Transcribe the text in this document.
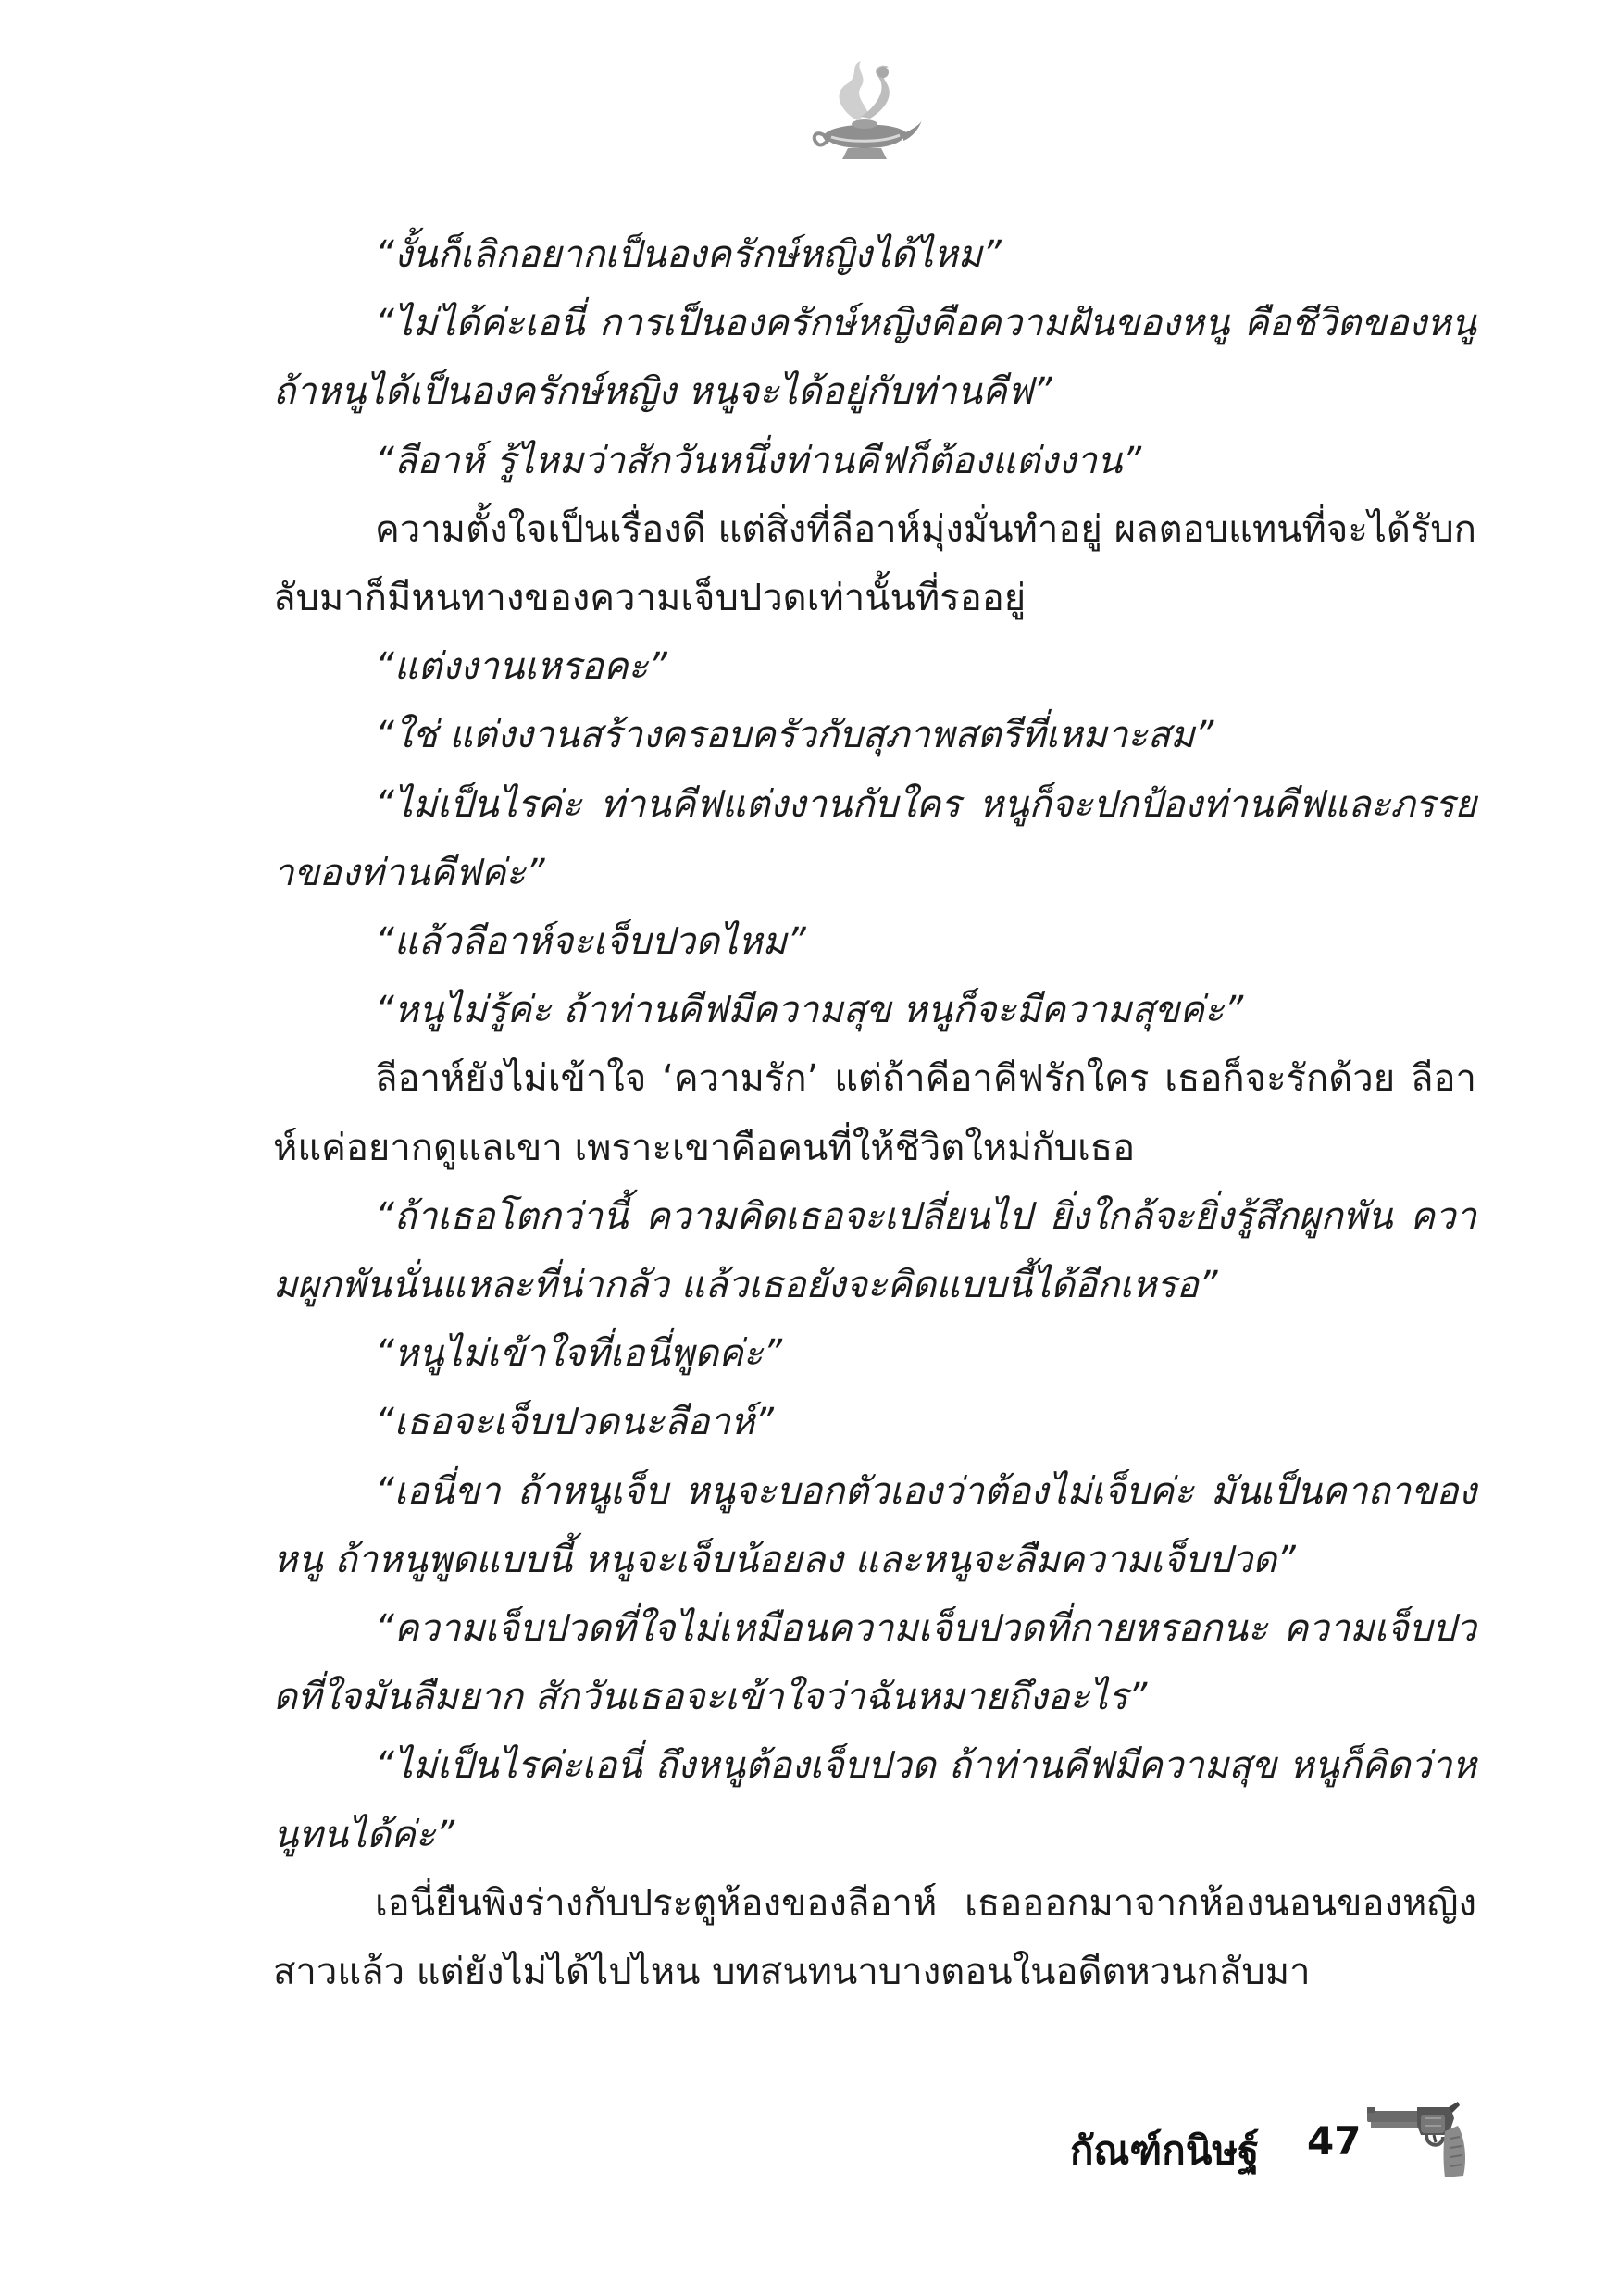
“งั้นก็เลิกอยากเป็นองครักษ์หญิงได้ไหม”

“ไม่ได้ค่ะเอนี่ การเป็นองครักษ์หญิงคือความฝันของหนู คือชีวิตของหนู ถ้าหนูได้เป็นองครักษ์หญิง หนูจะได้อยู่กับท่านคีฟ”

“ลีอาห์ รู้ไหมว่าสักวันหนึ่งท่านคีฟก็ต้องแต่งงาน”

ความตั้งใจเป็นเรื่องดี แต่สิ่งที่ลีอาห์มุ่งมั่นทำอยู่ ผลตอบแทนที่จะได้รับกลับมาก็มีหนทางของความเจ็บปวดเท่านั้นที่รออยู่

“แต่งงานเหรอคะ”

“ใช่ แต่งงานสร้างครอบครัวกับสุภาพสตรีที่เหมาะสม”

“ไม่เป็นไรค่ะ ท่านคีฟแต่งงานกับใคร หนูก็จะปกป้องท่านคีฟและภรรยาของท่านคีฟค่ะ”

“แล้วลีอาห์จะเจ็บปวดไหม”

“หนูไม่รู้ค่ะ ถ้าท่านคีฟมีความสุข หนูก็จะมีความสุขค่ะ”

ลีอาห์ยังไม่เข้าใจ ‘ความรัก’ แต่ถ้าคีอาคีฟรักใคร เธอก็จะรักด้วย ลีอาห์แค่อยากดูแลเขา เพราะเขาคือคนที่ให้ชีวิตใหม่กับเธอ

“ถ้าเธอโตกว่านี้ ความคิดเธอจะเปลี่ยนไป ยิ่งใกล้จะยิ่งรู้สึกผูกพัน ความผูกพันนั่นแหละที่น่ากลัว แล้วเธอยังจะคิดแบบนี้ได้อีกเหรอ”

“หนูไม่เข้าใจที่เอนี่พูดค่ะ”

“เธอจะเจ็บปวดนะลีอาห์”

“เอนี่ขา ถ้าหนูเจ็บ หนูจะบอกตัวเองว่าต้องไม่เจ็บค่ะ มันเป็นคาถาของหนู ถ้าหนูพูดแบบนี้ หนูจะเจ็บน้อยลง และหนูจะลืมความเจ็บปวด”

“ความเจ็บปวดที่ใจไม่เหมือนความเจ็บปวดที่กายหรอกนะ ความเจ็บปวดที่ใจมันลืมยาก สักวันเธอจะเข้าใจว่าฉันหมายถึงอะไร”

“ไม่เป็นไรค่ะเอนี่ ถึงหนูต้องเจ็บปวด ถ้าท่านคีฟมีความสุข หนูก็คิดว่าหนูทนได้ค่ะ”

เอนี่ยืนพิงร่างกับประตูห้องของลีอาห์ เธอออกมาจากห้องนอนของหญิงสาวแล้ว แต่ยังไม่ได้ไปไหน บทสนทนาบางตอนในอดีตหวนกลับมา

กัณฑ์กนิษฐ์ 47
